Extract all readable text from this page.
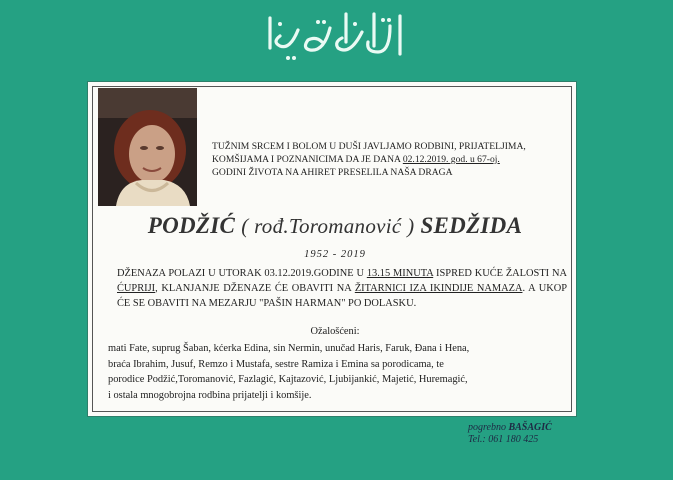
TUŽNIM SRCEM I BOLOM U DUŠI JAVLJAMO RODBINI, PRIJATELJIMA,
KOMŠIJAMA I POZNANICIMA DA JE DANA 02.12.2019. god. u 67-oj.
GODINI ŽIVOTA NA AHIRET PRESELILA NAŠA DRAGA
PODŽIĆ ( rođ.Toromanović ) SEDŽIDA
1952 - 2019
DŽENAZA POLAZI U UTORAK 03.12.2019.GODINE U 13.15 MINUTA ISPRED KUĆE ŽALOSTI NA ĆUPRIJI, KLANJANJE DŽENAZE ĆE OBAVITI NA ŽITARNICI IZA IKINDIJE NAMAZA. A UKOP ĆE SE OBAVITI NA MEZARJU "PAŠIN HARMAN" PO DOLASKU.
Ožalošćeni:
mati Fate, suprug Šaban, kćerka Edina, sin Nermin, unučad Haris, Faruk, Đana i Hena,
braća Ibrahim, Jusuf, Remzo i Mustafa, sestre Ramiza i Emina sa porodicama, te
porodice Podžić,Toromanović, Fazlagić, Kajtazović, Ljubijankić, Majetić, Huremagić,
i ostala mnogobrojna rodbina prijatelji i komšije.
pogrebno BAŠAGIĆ
Tel.: 061 180 425
